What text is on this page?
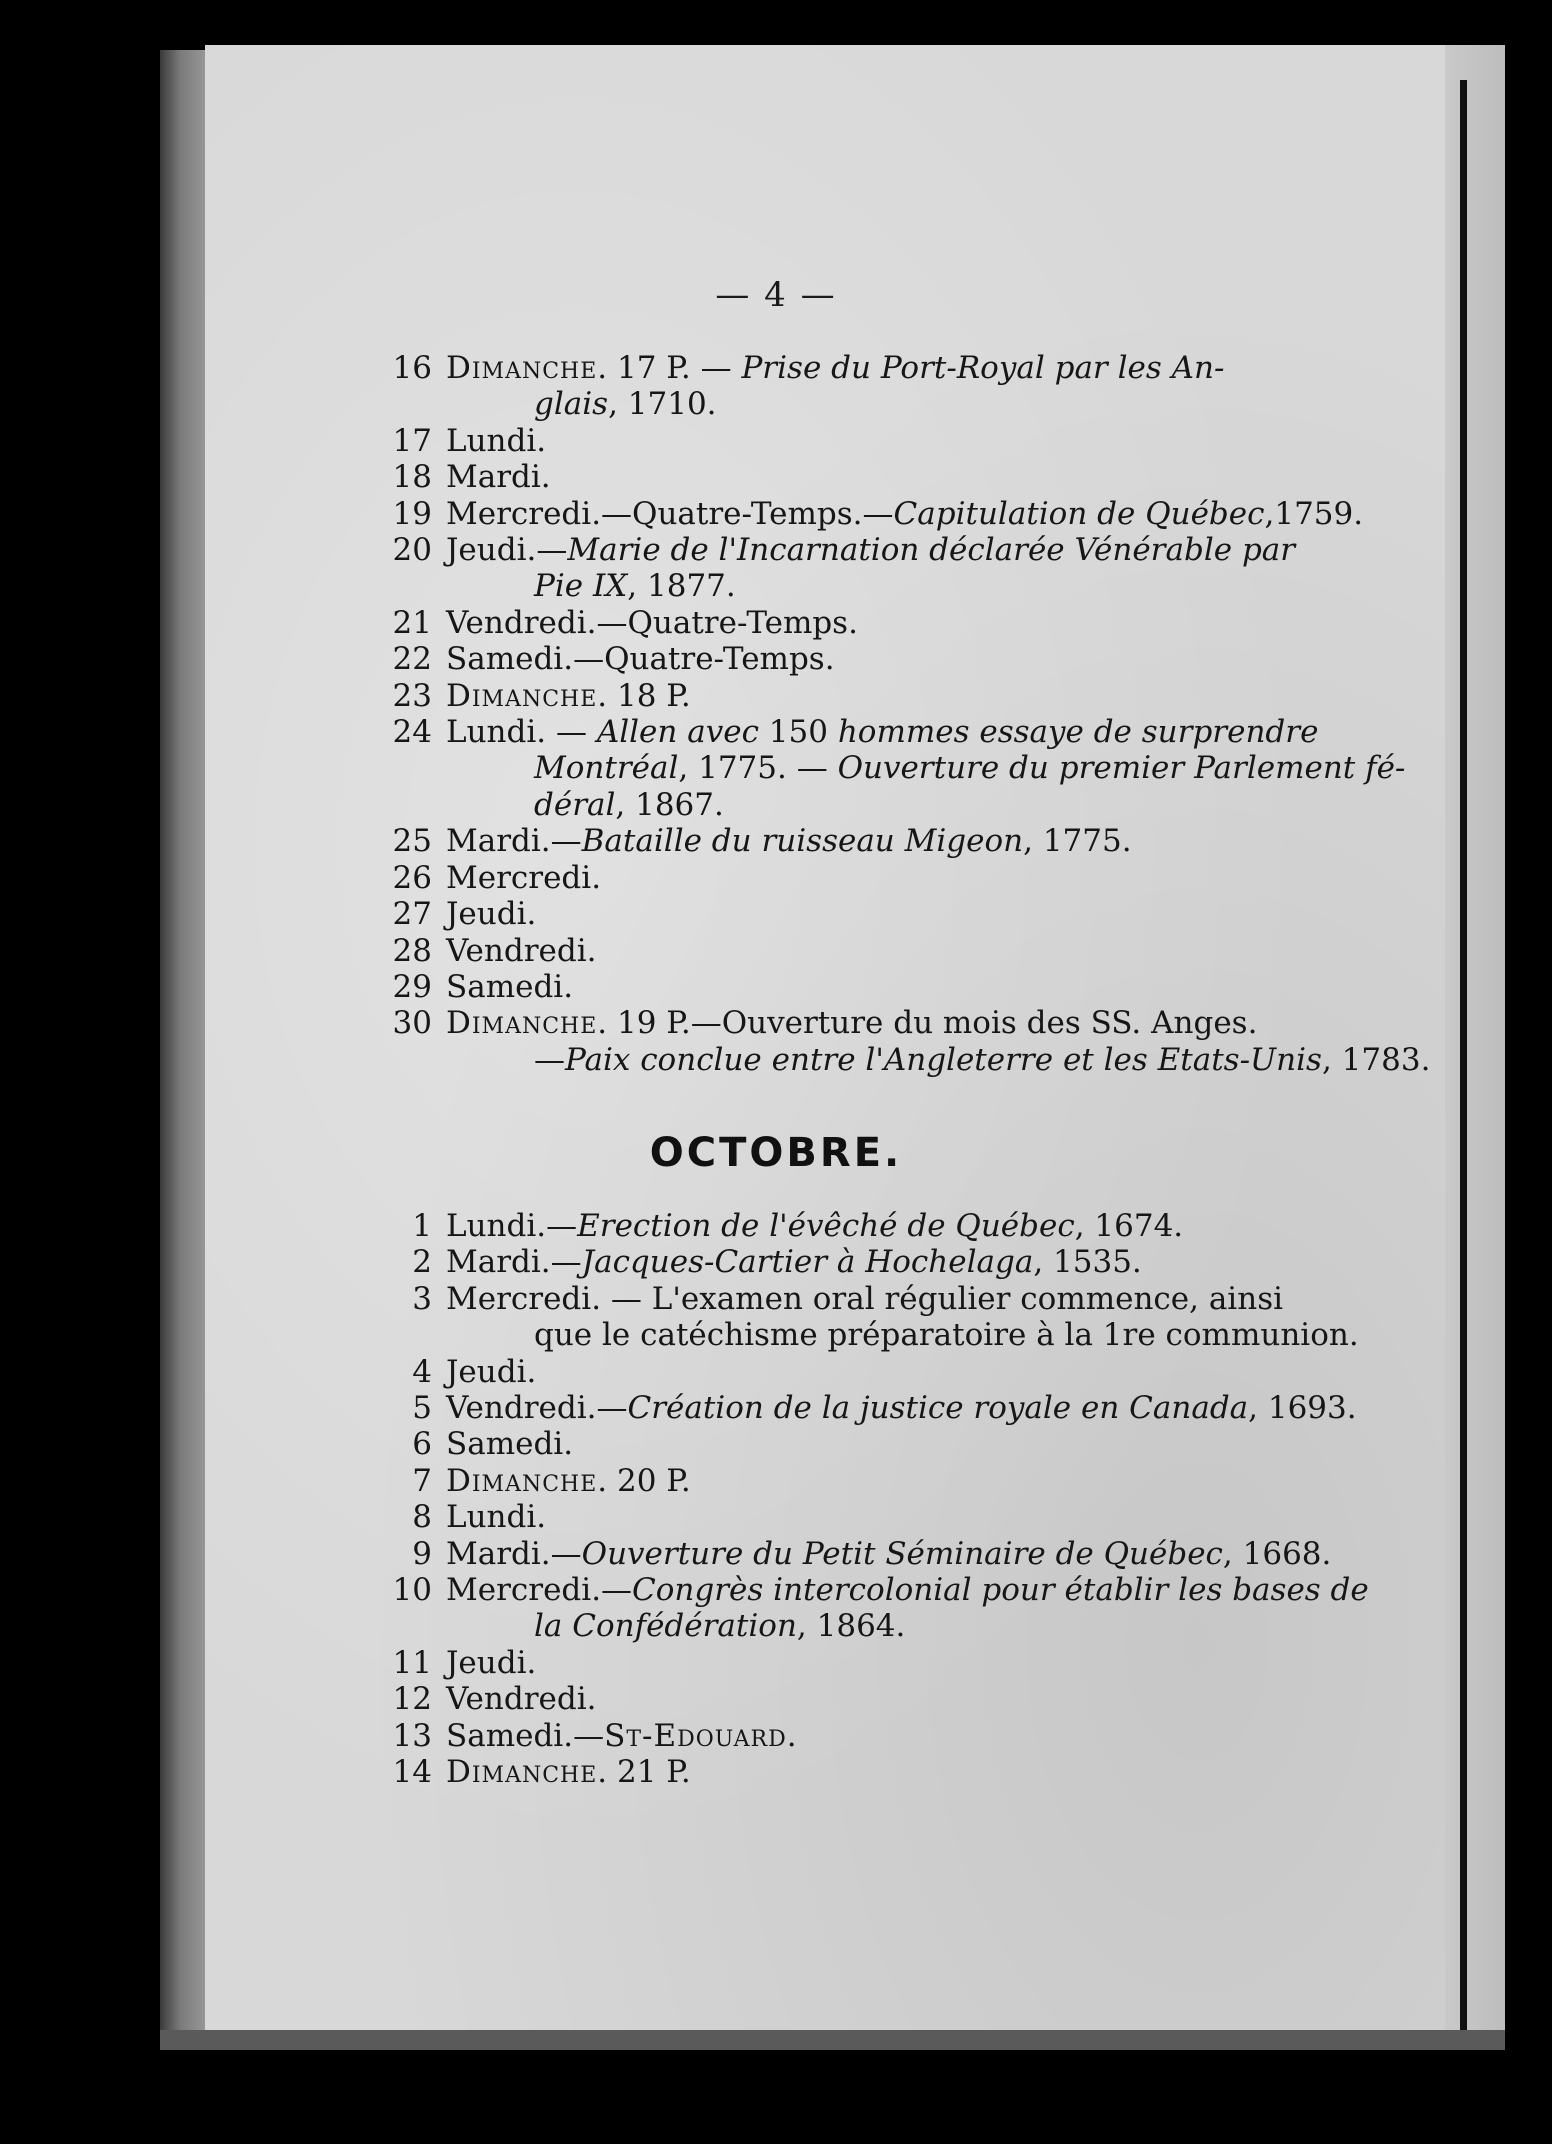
— 4 —
16 Dimanche. 17 P. — Prise du Port-Royal par les An-
glais, 1710.
17 Lundi.
18 Mardi.
19 Mercredi.—Quatre-Temps.—Capitulation de Québec,1759.
20 Jeudi.—Marie de l'Incarnation déclarée Vénérable par
Pie IX, 1877.
21 Vendredi.—Quatre-Temps.
22 Samedi.—Quatre-Temps.
23 Dimanche. 18 P.
24 Lundi. — Allen avec 150 hommes essaye de surprendre
Montréal, 1775. — Ouverture du premier Parlement fé-
déral, 1867.
25 Mardi.—Bataille du ruisseau Migeon, 1775.
26 Mercredi.
27 Jeudi.
28 Vendredi.
29 Samedi.
30 Dimanche. 19 P.—Ouverture du mois des SS. Anges.
—Paix conclue entre l'Angleterre et les Etats-Unis, 1783.
OCTOBRE.
1 Lundi.—Erection de l'évêché de Québec, 1674.
2 Mardi.—Jacques-Cartier à Hochelaga, 1535.
3 Mercredi. — L'examen oral régulier commence, ainsi
que le catéchisme préparatoire à la 1re communion.
4 Jeudi.
5 Vendredi.—Création de la justice royale en Canada, 1693.
6 Samedi.
7 Dimanche. 20 P.
8 Lundi.
9 Mardi.—Ouverture du Petit Séminaire de Québec, 1668.
10 Mercredi.—Congrès intercolonial pour établir les bases de
la Confédération, 1864.
11 Jeudi.
12 Vendredi.
13 Samedi.—St-Edouard.
14 Dimanche. 21 P.
